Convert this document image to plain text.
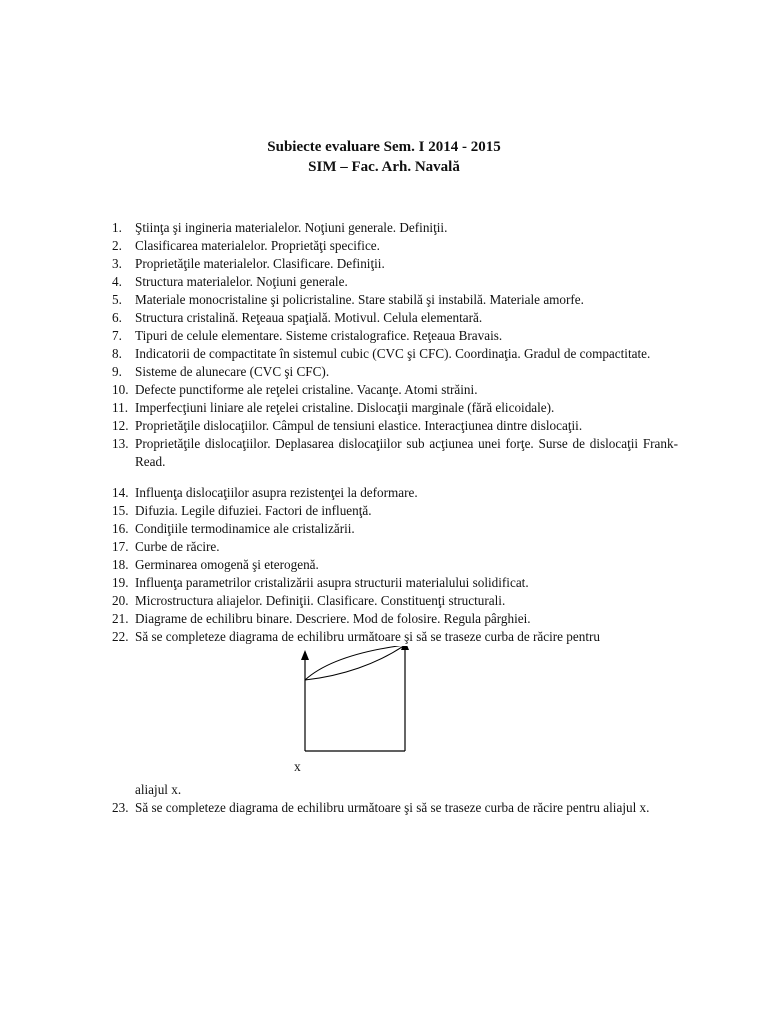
Subiecte evaluare Sem. I 2014 - 2015
SIM – Fac. Arh. Navală
1. Ştiinţa şi ingineria materialelor. Noţiuni generale. Definiţii.
2. Clasificarea materialelor. Proprietăţi specifice.
3. Proprietăţile materialelor. Clasificare. Definiţii.
4. Structura materialelor. Noţiuni generale.
5. Materiale monocristaline şi policristaline. Stare stabilă şi instabilă. Materiale amorfe.
6. Structura cristalină. Reţeaua spaţială. Motivul. Celula elementară.
7. Tipuri de celule elementare. Sisteme cristalografice. Reţeaua Bravais.
8. Indicatorii de compactitate în sistemul cubic (CVC şi CFC). Coordinaţia. Gradul de compactitate.
9. Sisteme de alunecare (CVC şi CFC).
10. Defecte punctiforme ale reţelei cristaline. Vacanţe. Atomi străini.
11. Imperfecţiuni liniare ale reţelei cristaline. Dislocaţii marginale (fără elicoidale).
12. Proprietăţile dislocaţiilor. Câmpul de tensiuni elastice. Interacţiunea dintre dislocaţii.
13. Proprietăţile dislocaţiilor. Deplasarea dislocaţiilor sub acţiunea unei forţe. Surse de dislocaţii Frank-Read.
14. Influenţa dislocaţiilor asupra rezistenţei la deformare.
15. Difuzia. Legile difuziei. Factori de influenţă.
16. Condiţiile termodinamice ale cristalizării.
17. Curbe de răcire.
18. Germinarea omogenă şi eterogenă.
19. Influenţa parametrilor cristalizării asupra structurii materialului solidificat.
20. Microstructura aliajelor. Definiţii. Clasificare. Constituenţi structurali.
21. Diagrame de echilibru binare. Descriere. Mod de folosire. Regula pârghiei.
22. Să se completeze diagrama de echilibru următoare şi să se traseze curba de răcire pentru
x
aliajul x.
23. Să se completeze diagrama de echilibru următoare şi să se traseze curba de răcire pentru aliajul x.
